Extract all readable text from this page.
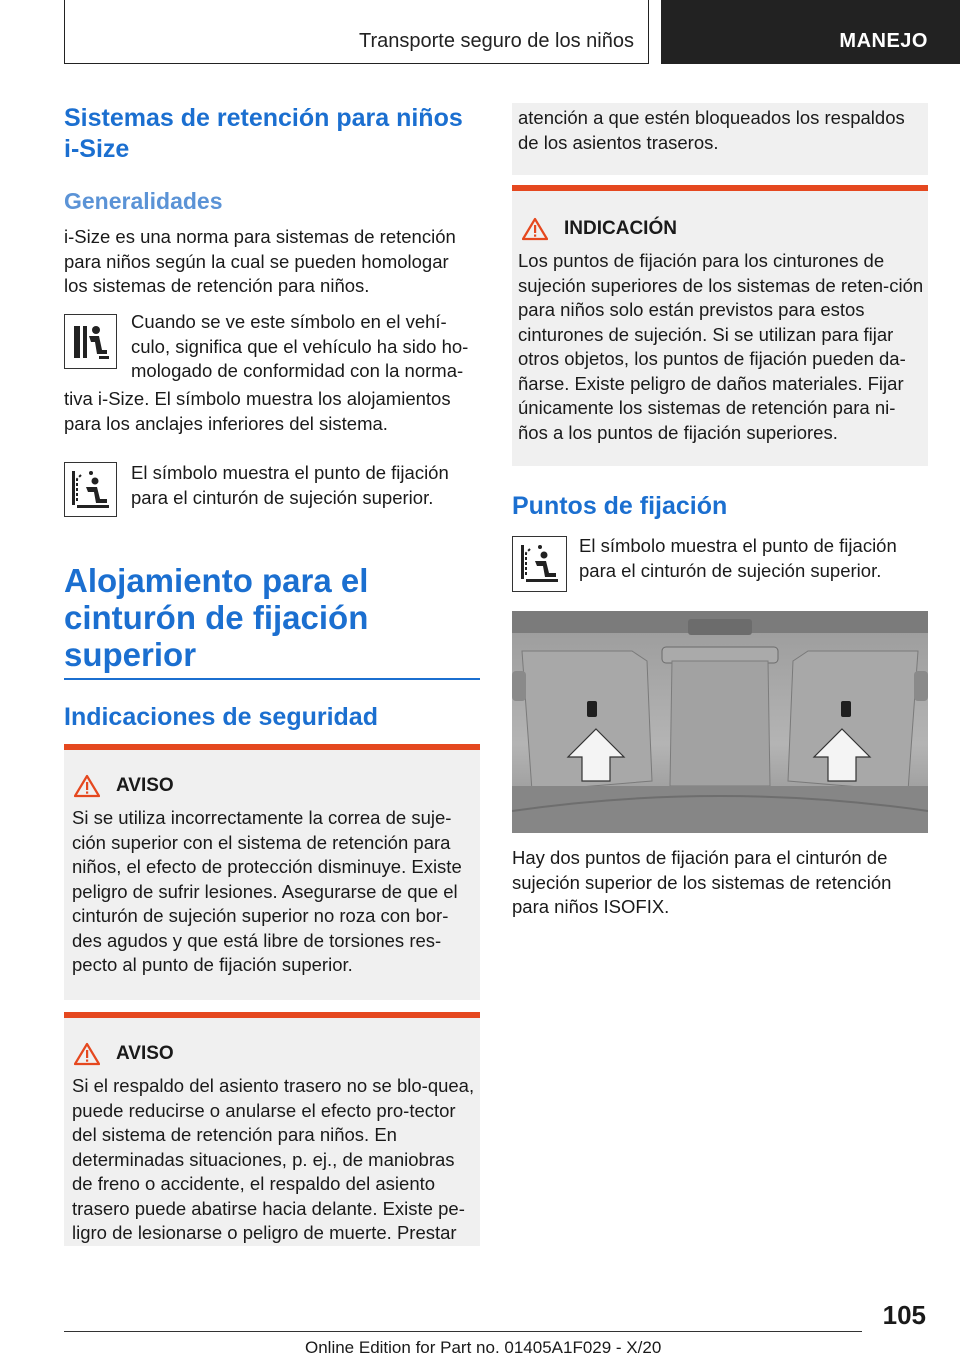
Transporte seguro de los niños	MANEJO
Sistemas de retención para niños i-Size
Generalidades
i-Size es una norma para sistemas de retención para niños según la cual se pueden homologar los sistemas de retención para niños.
Cuando se ve este símbolo en el vehí-culo, significa que el vehículo ha sido ho-mologado de conformidad con la norma-
tiva i-Size. El símbolo muestra los alojamientos para los anclajes inferiores del sistema.
El símbolo muestra el punto de fijación para el cinturón de sujeción superior.
Alojamiento para el cinturón de fijación superior
Indicaciones de seguridad
AVISO
Si se utiliza incorrectamente la correa de suje-ción superior con el sistema de retención para niños, el efecto de protección disminuye. Existe peligro de sufrir lesiones. Asegurarse de que el cinturón de sujeción superior no roza con bor-des agudos y que está libre de torsiones res-pecto al punto de fijación superior.
AVISO
Si el respaldo del asiento trasero no se blo-quea, puede reducirse o anularse el efecto pro-tector del sistema de retención para niños. En determinadas situaciones, p. ej., de maniobras de freno o accidente, el respaldo del asiento trasero puede abatirse hacia delante. Existe pe-ligro de lesionarse o peligro de muerte. Prestar
atención a que estén bloqueados los respaldos de los asientos traseros.
INDICACIÓN
Los puntos de fijación para los cinturones de sujeción superiores de los sistemas de reten-ción para niños solo están previstos para estos cinturones de sujeción. Si se utilizan para fijar otros objetos, los puntos de fijación pueden da-ñarse. Existe peligro de daños materiales. Fijar únicamente los sistemas de retención para ni-ños a los puntos de fijación superiores.
Puntos de fijación
El símbolo muestra el punto de fijación para el cinturón de sujeción superior.
Hay dos puntos de fijación para el cinturón de sujeción superior de los sistemas de retención para niños ISOFIX.
105
Online Edition for Part no. 01405A1F029 - X/20
